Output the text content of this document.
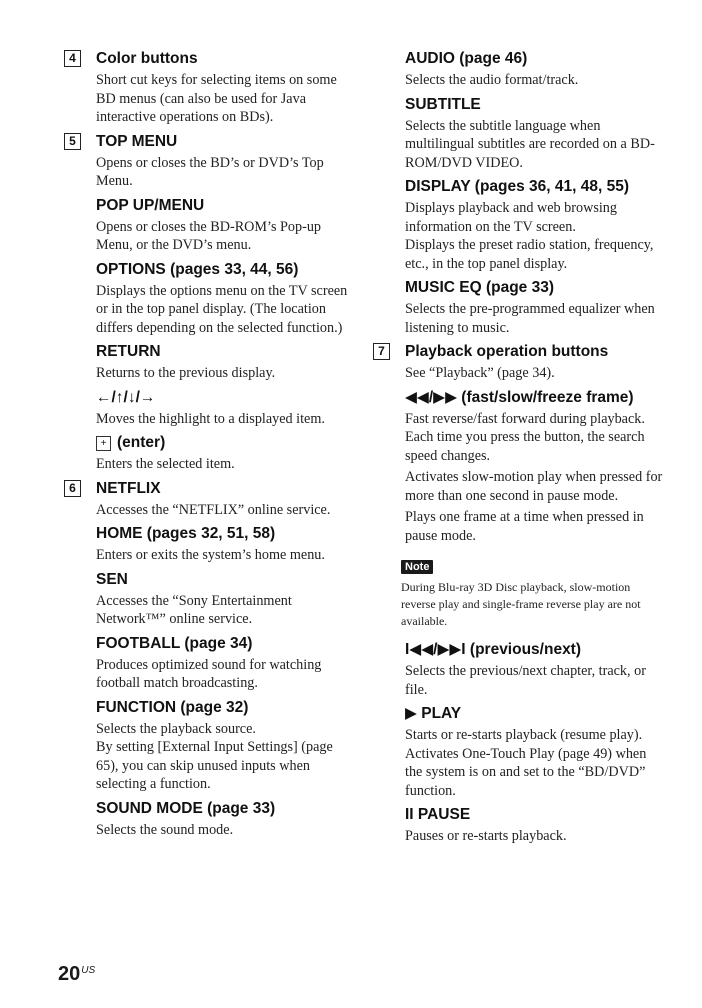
4	Color buttons

Short cut keys for selecting items on some BD menus (can also be used for Java interactive operations on BDs).

5	TOP MENU

Opens or closes the BD’s or DVD’s Top Menu.

POP UP/MENU

Opens or closes the BD-ROM’s Pop-up Menu, or the DVD’s menu.

OPTIONS (pages 33, 44, 56)

Displays the options menu on the TV screen or in the top panel display. (The location differs depending on the selected function.)

RETURN

Returns to the previous display.

←/↑/↓/→

Moves the highlight to a displayed item.

+ (enter)

Enters the selected item.

6	NETFLIX

Accesses the “NETFLIX” online service.

HOME (pages 32, 51, 58)

Enters or exits the system’s home menu.

SEN

Accesses the “Sony Entertainment Network™” online service.

FOOTBALL (page 34)

Produces optimized sound for watching football match broadcasting.

FUNCTION (page 32)

Selects the playback source.

By setting [External Input Settings] (page 65), you can skip unused inputs when selecting a function.

SOUND MODE (page 33)

Selects the sound mode.

AUDIO (page 46)

Selects the audio format/track.

SUBTITLE

Selects the subtitle language when multilingual subtitles are recorded on a BD-ROM/DVD VIDEO.

DISPLAY (pages 36, 41, 48, 55)

Displays playback and web browsing information on the TV screen.

Displays the preset radio station, frequency, etc., in the top panel display.

MUSIC EQ (page 33)

Selects the pre-programmed equalizer when listening to music.

7	Playback operation buttons

See “Playback” (page 34).

◀◀/▶▶ (fast/slow/freeze frame)

Fast reverse/fast forward during playback. Each time you press the button, the search speed changes.

Activates slow-motion play when pressed for more than one second in pause mode.

Plays one frame at a time when pressed in pause mode.

Note
During Blu-ray 3D Disc playback, slow-motion reverse play and single-frame reverse play are not available.
I◀◀/▶▶I (previous/next)

Selects the previous/next chapter, track, or file.

▶ PLAY

Starts or re-starts playback (resume play).

Activates One-Touch Play (page 49) when the system is on and set to the “BD/DVD” function.

II PAUSE

Pauses or re-starts playback.

$20^{US}$
